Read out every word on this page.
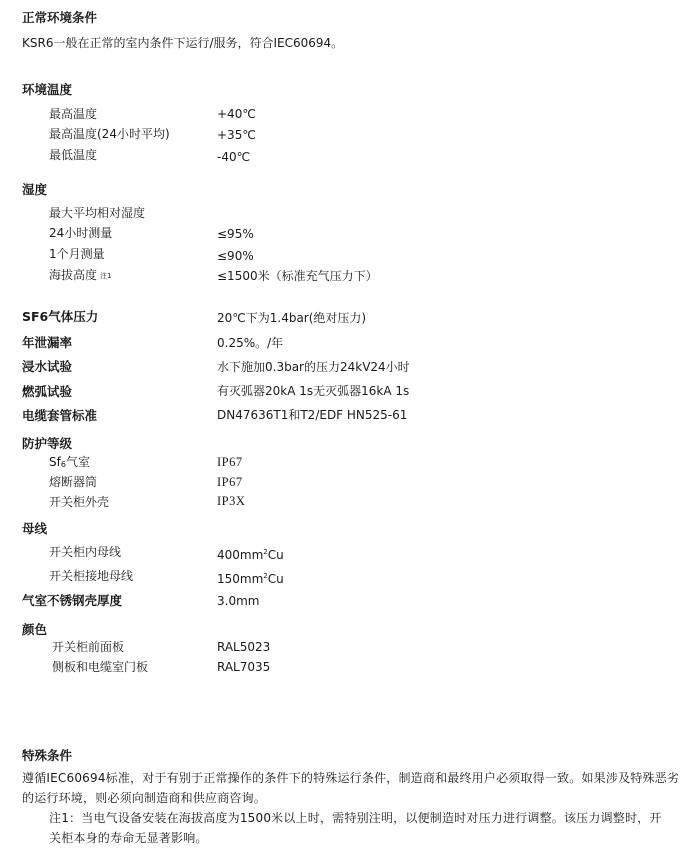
正常环境条件
KSR6一般在正常的室内条件下运行/服务，符合IEC60694。
环境温度
最高温度	+40℃
最高温度(24小时平均)	+35℃
最低温度	-40℃
湿度
最大平均相对湿度
24小时测量	≤95%
1个月测量	≤90%
海拔高度 注1	≤1500米（标准充气压力下）
SF6气体压力	20℃下为1.4bar(绝对压力)
年泄漏率	0.25%。/年
浸水试验	水下施加0.3bar的压力24kV24小时
燃弧试验	有灭弧器20kA 1s无灭弧器16kA 1s
电缆套管标准	DN47636T1和T2/EDF HN525-61
防护等级
Sf6气室	IP67
熔断器筒	IP67
开关柜外壳	IP3X
母线
开关柜内母线	$400mm^2Cu$
开关柜接地母线	$150mm^2Cu$
气室不锈钢壳厚度	3.0mm
颜色
开关柜前面板	RAL5023
侧板和电缆室门板	RAL7035
特殊条件
遵循IEC60694标准，对于有别于正常操作的条件下的特殊运行条件，制造商和最终用户必须取得一致。如果涉及特殊恶劣的运行环境，则必须向制造商和供应商咨询。
注1：当电气设备安装在海拔高度为1500米以上时，需特别注明，以便制造时对压力进行调整。该压力调整时，开　　关柜本身的寿命无显著影响。
